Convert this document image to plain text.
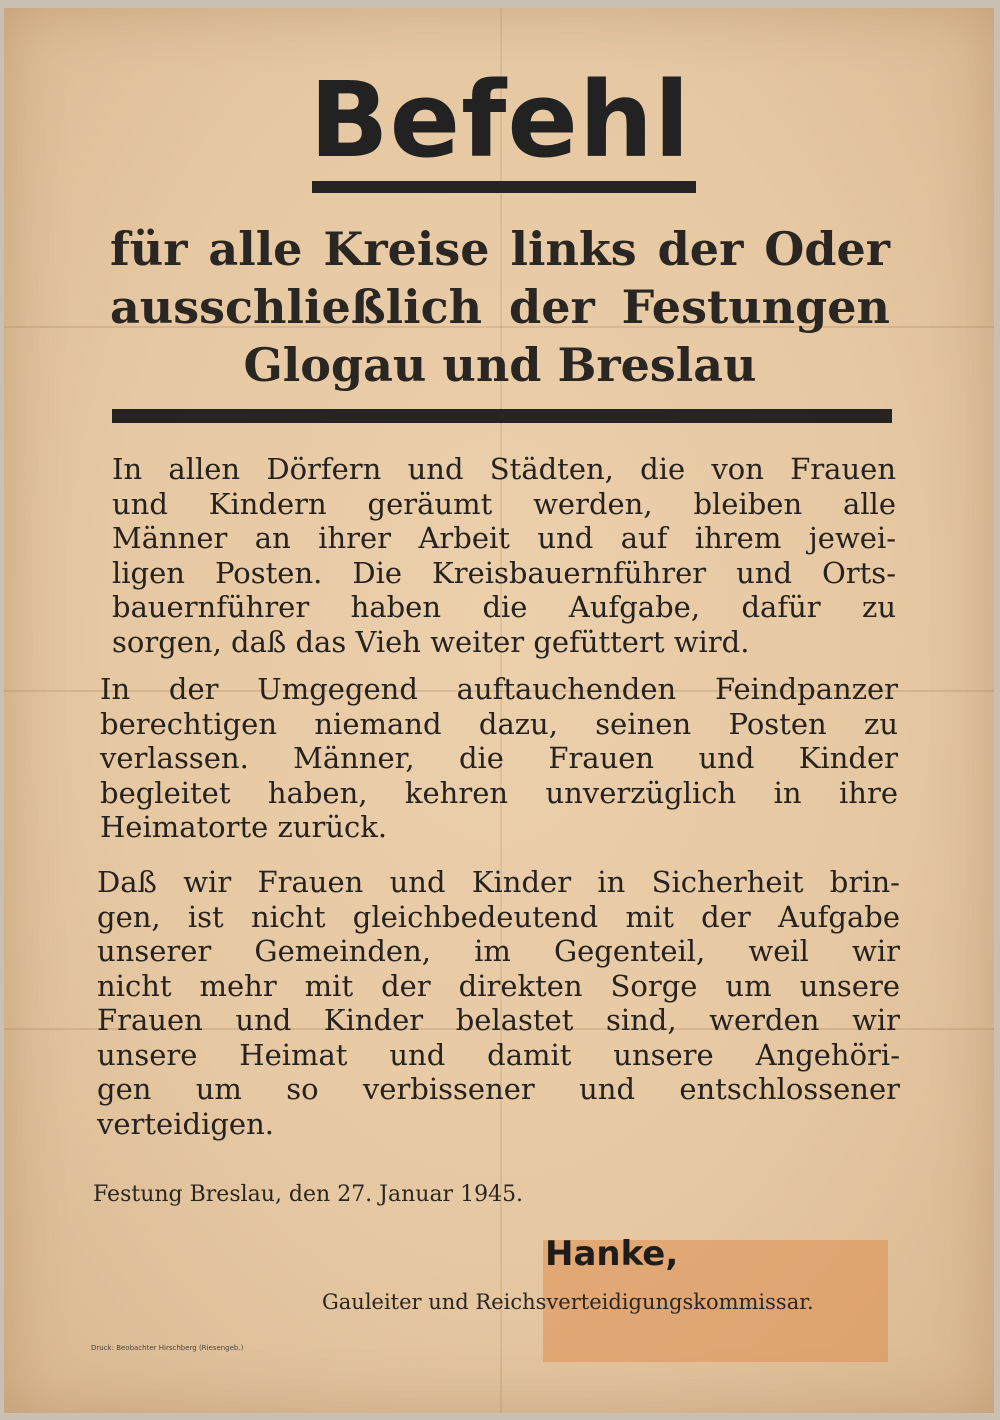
Befehl
für alle Kreise links der Oder
ausschließlich der Festungen
Glogau und Breslau
In allen Dörfern und Städten, die von Frauen
und Kindern geräumt werden, bleiben alle
Männer an ihrer Arbeit und auf ihrem jewei-
ligen Posten. Die Kreisbauernführer und Orts-
bauernführer haben die Aufgabe, dafür zu
sorgen, daß das Vieh weiter gefüttert wird.
In der Umgegend auftauchenden Feindpanzer
berechtigen niemand dazu, seinen Posten zu
verlassen. Männer, die Frauen und Kinder
begleitet haben, kehren unverzüglich in ihre
Heimatorte zurück.
Daß wir Frauen und Kinder in Sicherheit brin-
gen, ist nicht gleichbedeutend mit der Aufgabe
unserer Gemeinden, im Gegenteil, weil wir
nicht mehr mit der direkten Sorge um unsere
Frauen und Kinder belastet sind, werden wir
unsere Heimat und damit unsere Angehöri-
gen um so verbissener und entschlossener
verteidigen.
Festung Breslau, den 27. Januar 1945.
Hanke,
Gauleiter und Reichsverteidigungskommissar.
Druck: Beobachter Hirschberg (Riesengeb.)
